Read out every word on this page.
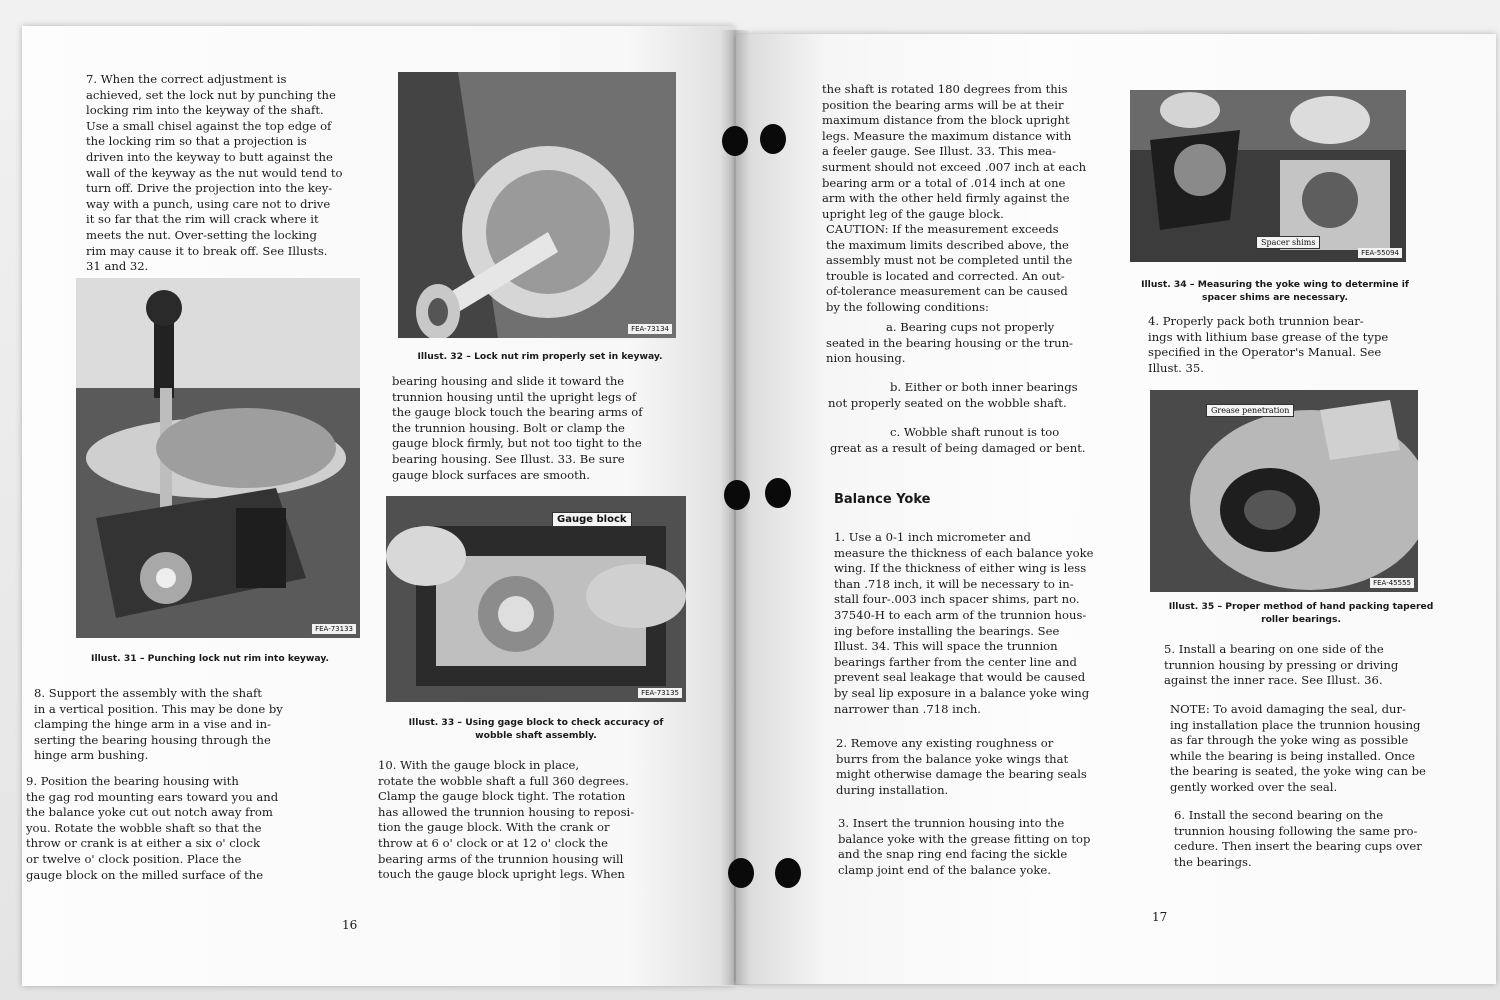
7. When the correct adjustment is
achieved, set the lock nut by punching the
locking rim into the keyway of the shaft.
Use a small chisel against the top edge of
the locking rim so that a projection is
driven into the keyway to butt against the
wall of the keyway as the nut would tend to
turn off. Drive the projection into the key-
way with a punch, using care not to drive
it so far that the rim will crack where it
meets the nut. Over-setting the locking
rim may cause it to break off. See Illusts.
31 and 32.

FEA-73133

Illust. 31 – Punching lock nut rim into keyway.

8. Support the assembly with the shaft
in a vertical position. This may be done by
clamping the hinge arm in a vise and in-
serting the bearing housing through the
hinge arm bushing.

9. Position the bearing housing with
the gag rod mounting ears toward you and
the balance yoke cut out notch away from
you. Rotate the wobble shaft so that the
throw or crank is at either a six o' clock
or twelve o' clock position. Place the
gauge block on the milled surface of the

FEA-73134

Illust. 32 – Lock nut rim properly set in keyway.

bearing housing and slide it toward the
trunnion housing until the upright legs of
the gauge block touch the bearing arms of
the trunnion housing. Bolt or clamp the
gauge block firmly, but not too tight to the
bearing housing. See Illust. 33. Be sure
gauge block surfaces are smooth.

Gauge block
FEA-73135

Illust. 33 – Using gage block to check accuracy of
wobble shaft assembly.

10. With the gauge block in place,
rotate the wobble shaft a full 360 degrees.
Clamp the gauge block tight. The rotation
has allowed the trunnion housing to reposi-
tion the gauge block. With the crank or
throw at 6 o' clock or at 12 o' clock the
bearing arms of the trunnion housing will
touch the gauge block upright legs. When

16

the shaft is rotated 180 degrees from this
position the bearing arms will be at their
maximum distance from the block upright
legs. Measure the maximum distance with
a feeler gauge. See Illust. 33. This mea-
surment should not exceed .007 inch at each
bearing arm or a total of .014 inch at one
arm with the other held firmly against the
upright leg of the gauge block.

CAUTION: If the measurement exceeds
the maximum limits described above, the
assembly must not be completed until the
trouble is located and corrected. An out-
of-tolerance measurement can be caused
by the following conditions:

a. Bearing cups not properly
seated in the bearing housing or the trun-
nion housing.

b. Either or both inner bearings
not properly seated on the wobble shaft.

c. Wobble shaft runout is too
great as a result of being damaged or bent.

Balance Yoke

1. Use a 0-1 inch micrometer and
measure the thickness of each balance yoke
wing. If the thickness of either wing is less
than .718 inch, it will be necessary to in-
stall four-.003 inch spacer shims, part no.
37540-H to each arm of the trunnion hous-
ing before installing the bearings. See
Illust. 34. This will space the trunnion
bearings farther from the center line and
prevent seal leakage that would be caused
by seal lip exposure in a balance yoke wing
narrower than .718 inch.

2. Remove any existing roughness or
burrs from the balance yoke wings that
might otherwise damage the bearing seals
during installation.

3. Insert the trunnion housing into the
balance yoke with the grease fitting on top
and the snap ring end facing the sickle
clamp joint end of the balance yoke.

Spacer shims
FEA-55094

Illust. 34 – Measuring the yoke wing to determine if
spacer shims are necessary.

4. Properly pack both trunnion bear-
ings with lithium base grease of the type
specified in the Operator's Manual. See
Illust. 35.

Grease penetration
FEA-45555

Illust. 35 – Proper method of hand packing tapered
roller bearings.

5. Install a bearing on one side of the
trunnion housing by pressing or driving
against the inner race. See Illust. 36.

NOTE: To avoid damaging the seal, dur-
ing installation place the trunnion housing
as far through the yoke wing as possible
while the bearing is being installed. Once
the bearing is seated, the yoke wing can be
gently worked over the seal.

6. Install the second bearing on the
trunnion housing following the same pro-
cedure. Then insert the bearing cups over
the bearings.

17
